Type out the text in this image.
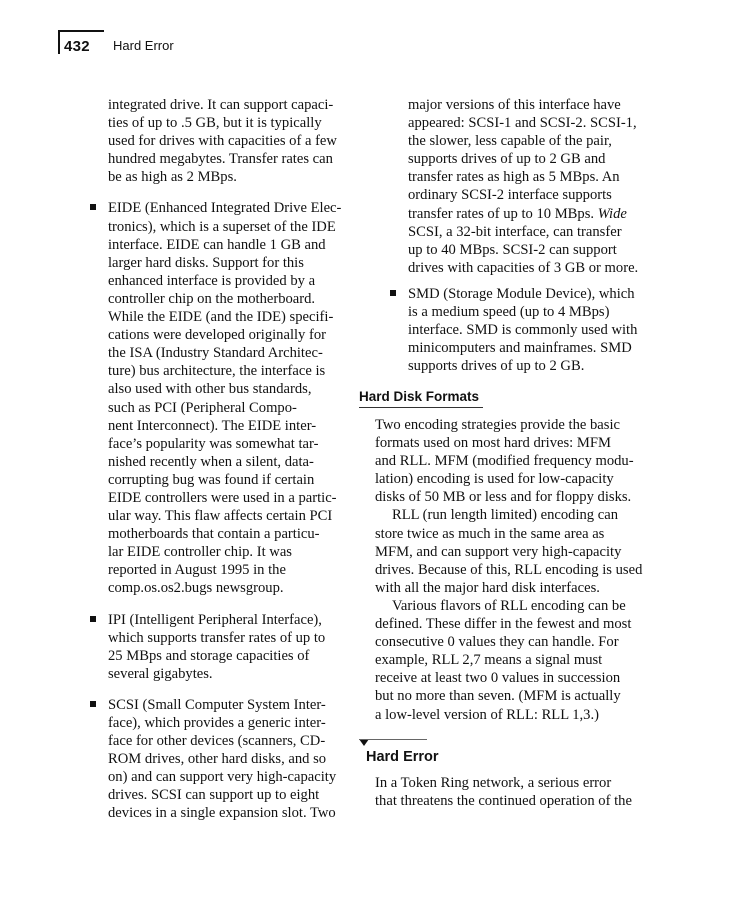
432 Hard Error

integrated drive. It can support capaci-
ties of up to .5 GB, but it is typically
used for drives with capacities of a few
hundred megabytes. Transfer rates can
be as high as 2 MBps.

EIDE (Enhanced Integrated Drive Elec-
tronics), which is a superset of the IDE
interface. EIDE can handle 1 GB and
larger hard disks. Support for this
enhanced interface is provided by a
controller chip on the motherboard.
While the EIDE (and the IDE) specifi-
cations were developed originally for
the ISA (Industry Standard Architec-
ture) bus architecture, the interface is
also used with other bus standards,
such as PCI (Peripheral Compo-
nent Interconnect). The EIDE inter-
face’s popularity was somewhat tar-
nished recently when a silent, data-
corrupting bug was found if certain
EIDE controllers were used in a partic-
ular way. This flaw affects certain PCI
motherboards that contain a particu-
lar EIDE controller chip. It was
reported in August 1995 in the
comp.os.os2.bugs newsgroup.
IPI (Intelligent Peripheral Interface),
which supports transfer rates of up to
25 MBps and storage capacities of
several gigabytes.
SCSI (Small Computer System Inter-
face), which provides a generic inter-
face for other devices (scanners, CD-
ROM drives, other hard disks, and so
on) and can support very high-capacity
drives. SCSI can support up to eight
devices in a single expansion slot. Two
major versions of this interface have
appeared: SCSI-1 and SCSI-2. SCSI-1,
the slower, less capable of the pair,
supports drives of up to 2 GB and
transfer rates as high as 5 MBps. An
ordinary SCSI-2 interface supports
transfer rates of up to 10 MBps. Wide
SCSI, a 32-bit interface, can transfer
up to 40 MBps. SCSI-2 can support
drives with capacities of 3 GB or more.
SMD (Storage Module Device), which
is a medium speed (up to 4 MBps)
interface. SMD is commonly used with
minicomputers and mainframes. SMD
supports drives of up to 2 GB.
Hard Disk Formats

Two encoding strategies provide the basic
formats used on most hard drives: MFM
and RLL. MFM (modified frequency modu-
lation) encoding is used for low-capacity
disks of 50 MB or less and for floppy disks.

RLL (run length limited) encoding can
store twice as much in the same area as
MFM, and can support very high-capacity
drives. Because of this, RLL encoding is used
with all the major hard disk interfaces.

Various flavors of RLL encoding can be
defined. These differ in the fewest and most
consecutive 0 values they can handle. For
example, RLL 2,7 means a signal must
receive at least two 0 values in succession
but no more than seven. (MFM is actually
a low-level version of RLL: RLL 1,3.)

Hard Error
In a Token Ring network, a serious error
that threatens the continued operation of the
